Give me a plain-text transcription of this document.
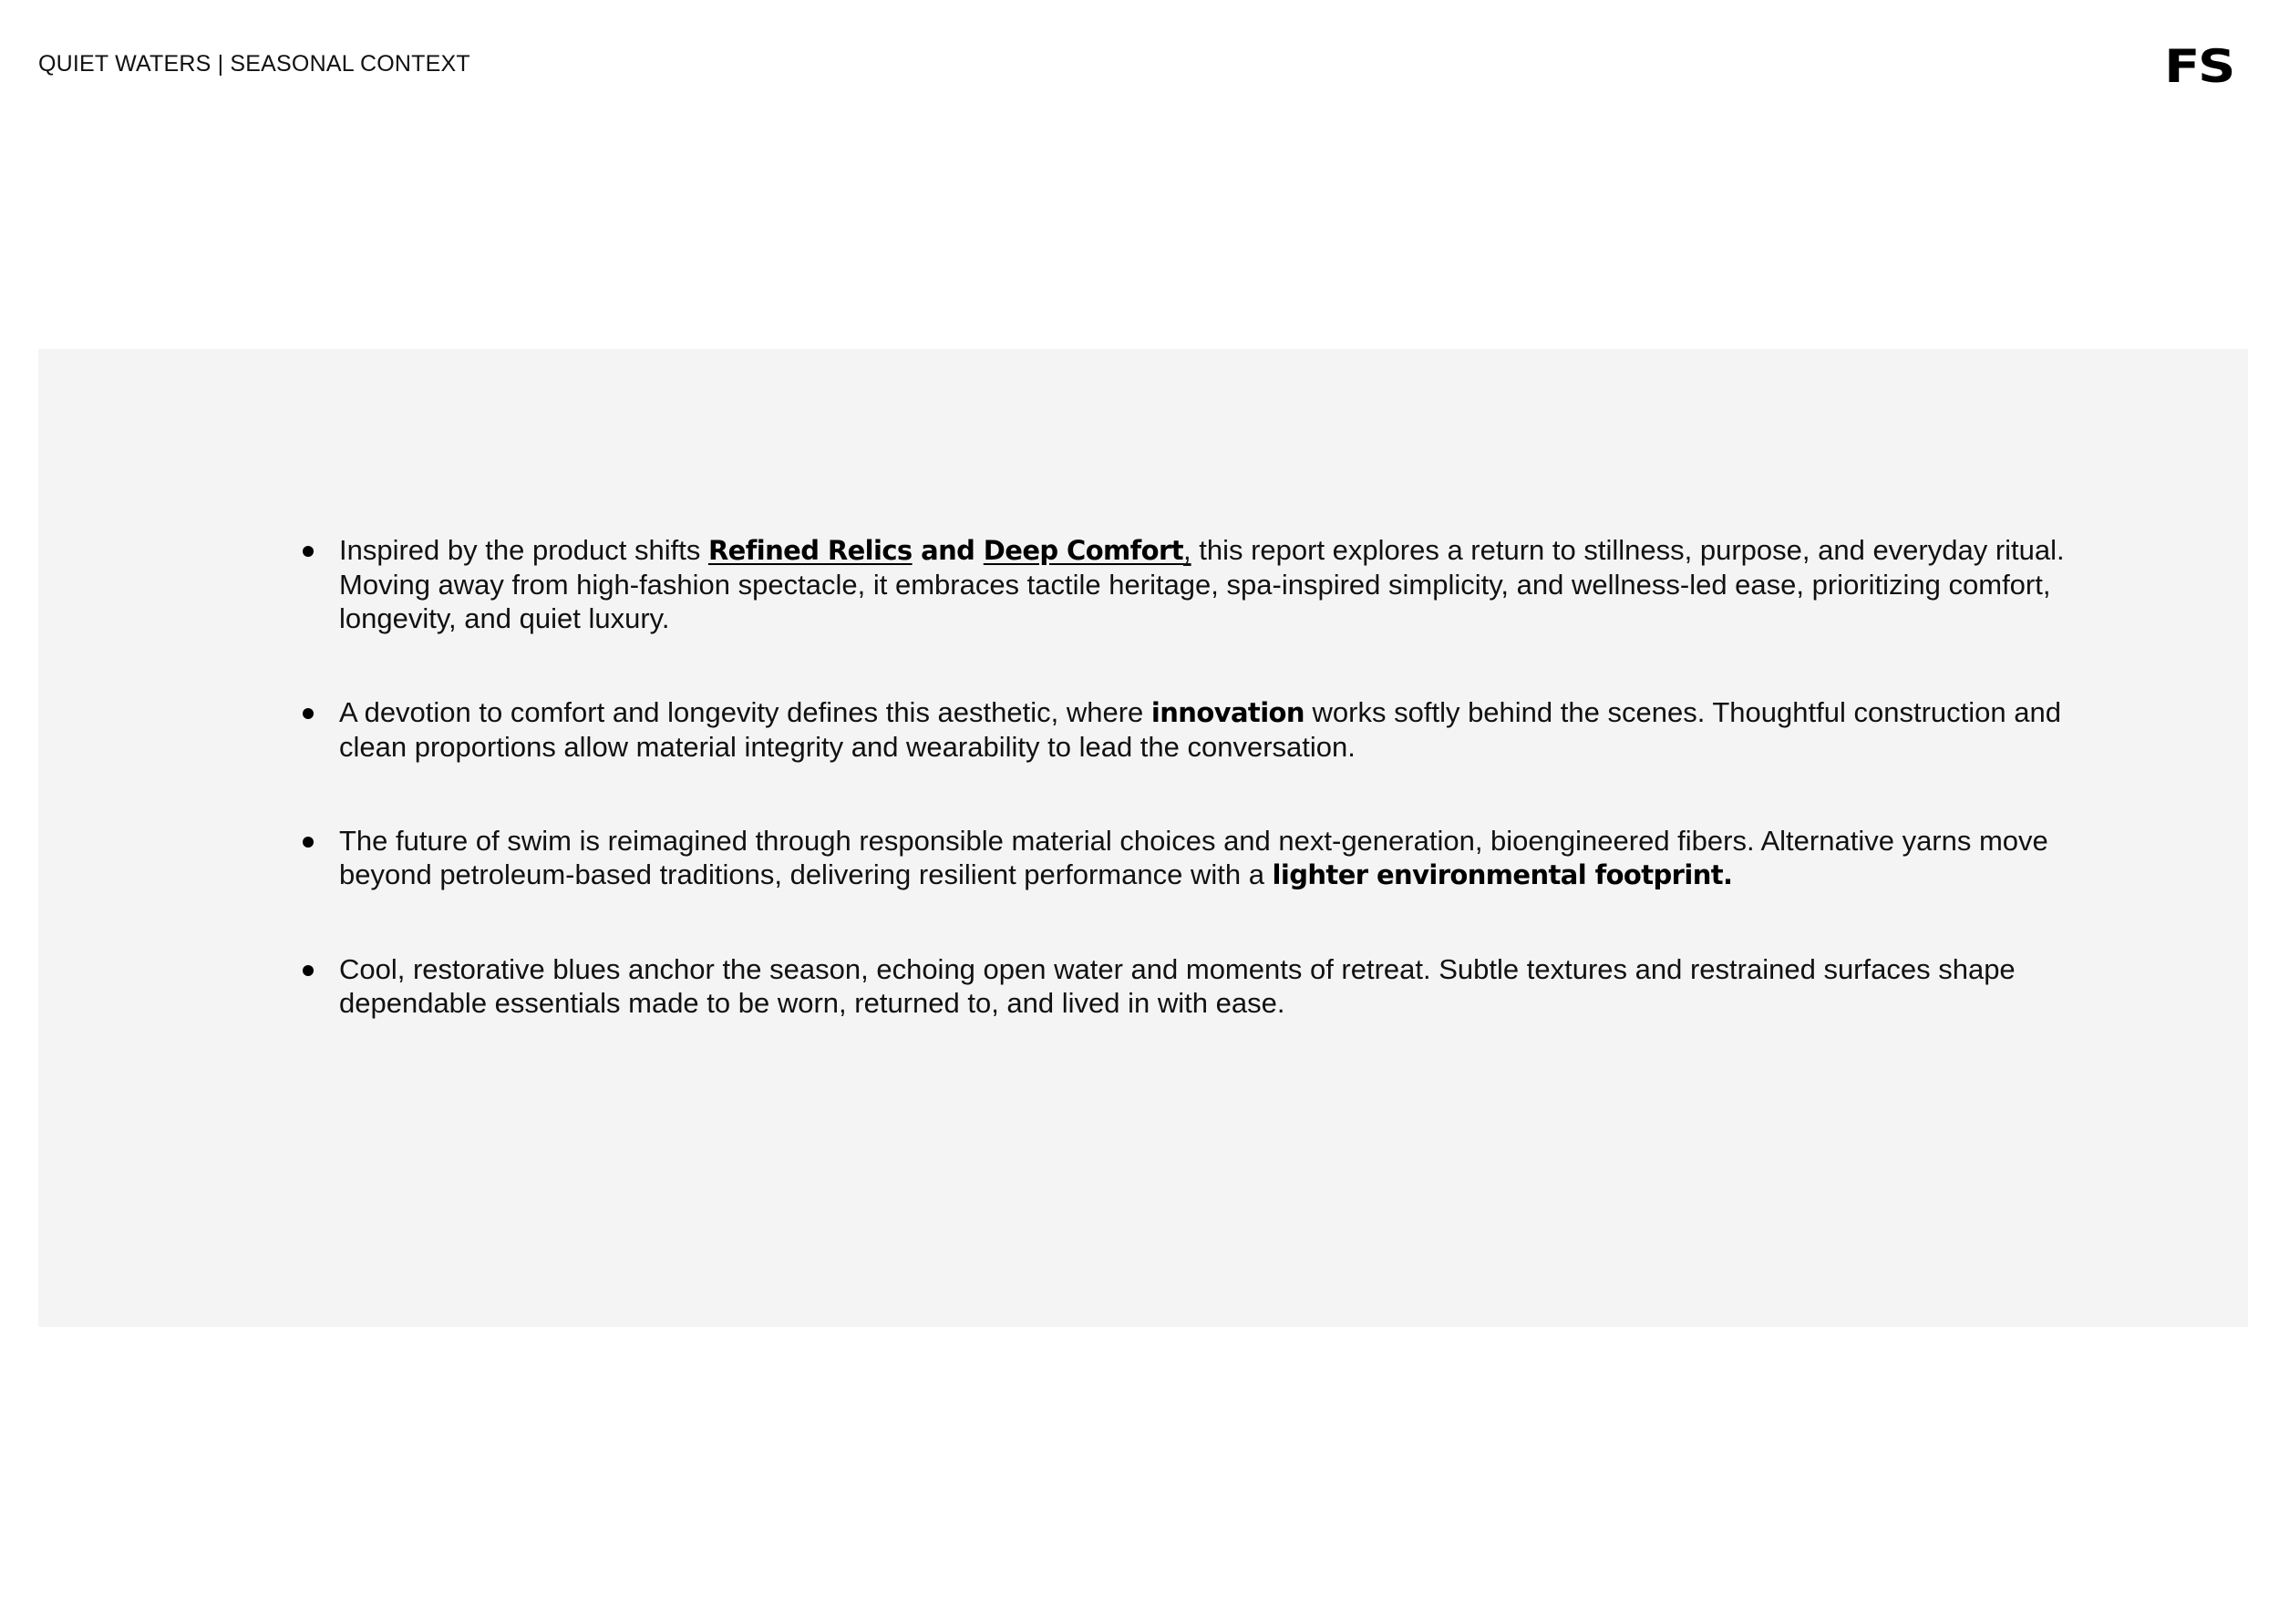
QUIET WATERS | SEASONAL CONTEXT	FS
Inspired by the product shifts Refined Relics and Deep Comfort, this report explores a return to stillness, purpose, and everyday ritual. Moving away from high-fashion spectacle, it embraces tactile heritage, spa-inspired simplicity, and wellness-led ease, prioritizing comfort, longevity, and quiet luxury.
A devotion to comfort and longevity defines this aesthetic, where innovation works softly behind the scenes. Thoughtful construction and clean proportions allow material integrity and wearability to lead the conversation.
The future of swim is reimagined through responsible material choices and next-generation, bioengineered fibers. Alternative yarns move beyond petroleum-based traditions, delivering resilient performance with a lighter environmental footprint.
Cool, restorative blues anchor the season, echoing open water and moments of retreat. Subtle textures and restrained surfaces shape dependable essentials made to be worn, returned to, and lived in with ease.
